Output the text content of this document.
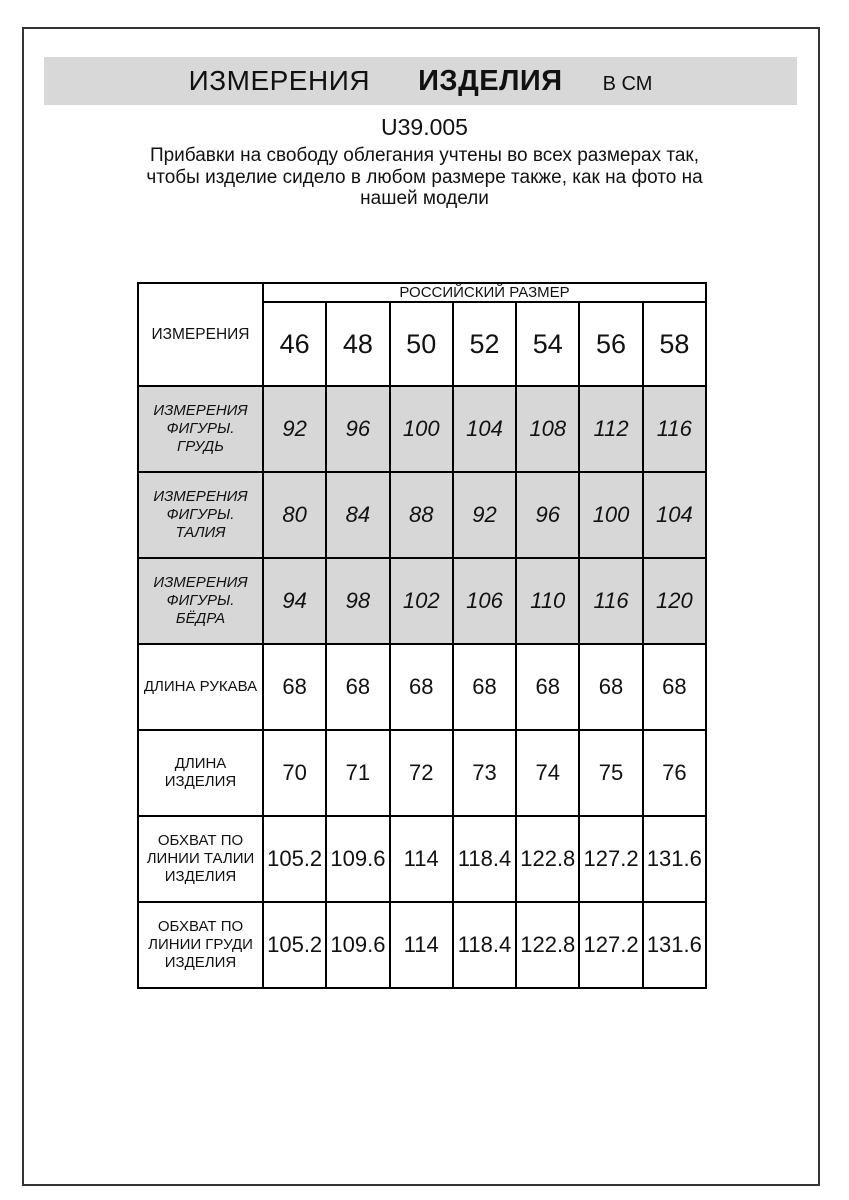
ИЗМЕРЕНИЯ ИЗДЕЛИЯ В СМ
U39.005
Прибавки на свободу облегания учтены во всех размерах так,
чтобы изделие сидело в любом размере также, как на фото на
нашей модели
ИЗМЕРЕНИЯ	РОССИЙСКИЙ РАЗМЕР						
	46	48	50	52	54	56	58
ИЗМЕРЕНИЯ ФИГУРЫ. ГРУДЬ	92	96	100	104	108	112	116
ИЗМЕРЕНИЯ ФИГУРЫ. ТАЛИЯ	80	84	88	92	96	100	104
ИЗМЕРЕНИЯ ФИГУРЫ. БЁДРА	94	98	102	106	110	116	120
ДЛИНА РУКАВА	68	68	68	68	68	68	68
ДЛИНА ИЗДЕЛИЯ	70	71	72	73	74	75	76
ОБХВАТ ПО ЛИНИИ ТАЛИИ ИЗДЕЛИЯ	105.2	109.6	114	118.4	122.8	127.2	131.6
ОБХВАТ ПО ЛИНИИ ГРУДИ ИЗДЕЛИЯ	105.2	109.6	114	118.4	122.8	127.2	131.6
